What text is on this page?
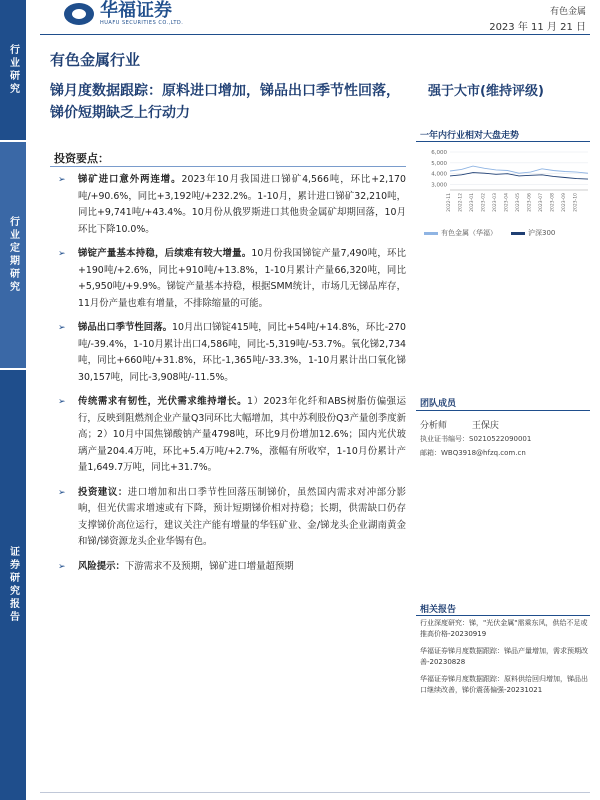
行业研究
行业定期研究
证券研究报告
华福证券
HUAFU SECURITIES CO.,LTD.
有色金属
2023 年 11 月 21 日
有色金属行业
锑月度数据跟踪：原料进口增加，锑品出口季节性回落，锑价短期缺乏上行动力
强于大市(维持评级)
投资要点：
➢ 锑矿进口意外两连增。2023年10月我国进口锑矿4,566吨，环比+2,170吨/+90.6%，同比+3,192吨/+232.2%。1-10月，累计进口锑矿32,210吨，同比+9,741吨/+43.4%。10月份从俄罗斯进口其他贵金属矿却期回落，10月环比下降10.0%。
➢ 锑锭产量基本持稳，后续难有较大增量。10月份我国锑锭产量7,490吨，环比+190吨/+2.6%，同比+910吨/+13.8%，1-10月累计产量66,320吨，同比+5,950吨/+9.9%。锑锭产量基本持稳，根据SMM统计，市场几无锑品库存，11月份产量也难有增量，不排除缩量的可能。
➢ 锑品出口季节性回落。10月出口锑锭415吨，同比+54吨/+14.8%，环比-270吨/-39.4%，1-10月累计出口4,586吨，同比-5,319吨/-53.7%。氧化锑2,734吨，同比+660吨/+31.8%，环比-1,365吨/-33.3%，1-10月累计出口氧化锑30,157吨，同比-3,908吨/-11.5%。
➢ 传统需求有韧性，光伏需求维持增长。1）2023年化纤和ABS树脂仿偏强运行，反映到阻燃剂企业产量Q3同环比大幅增加，其中苏利股份Q3产量创季度新高；2）10月中国焦锑酸钠产量4798吨，环比9月份增加12.6%；国内光伏玻璃产量204.4万吨，环比+5.4万吨/+2.7%，涨幅有所收窄，1-10月份累计产量1,649.7万吨，同比+31.7%。
➢ 投资建议：进口增加和出口季节性回落压制锑价，虽然国内需求对冲部分影响，但光伏需求增速或有下降，预计短期锑价相对持稳；长期，供需缺口仍存支撑锑价高位运行，建议关注产能有增量的华钰矿业、金/锑龙头企业湖南黄金和锑/锑资源龙头企业华锡有色。
➢ 风险提示：下游需求不及预期，锑矿进口增量超预期
一年内行业相对大盘走势
6,000
5,000
4,000
3,000
2022-11 2022-12 2023-01 2023-02 2023-03 2023-04 2023-05 2023-06 2023-07 2023-08 2023-09 2023-10
有色金属（华福）	沪深300
团队成员
分析师	王保庆
执业证书编号：S0210522090001
邮箱：WBQ3918@hfzq.com.cn
相关报告
行业深度研究：锑，"光伏金属"需乘东风，供给不足或推高价格-20230919
华福证券锑月度数据跟踪：锑品产量增加，需求预期改善-20230828
华福证券锑月度数据跟踪：原料供给回归增加，锑品出口继续改善，锑价震荡偏强-20231021
